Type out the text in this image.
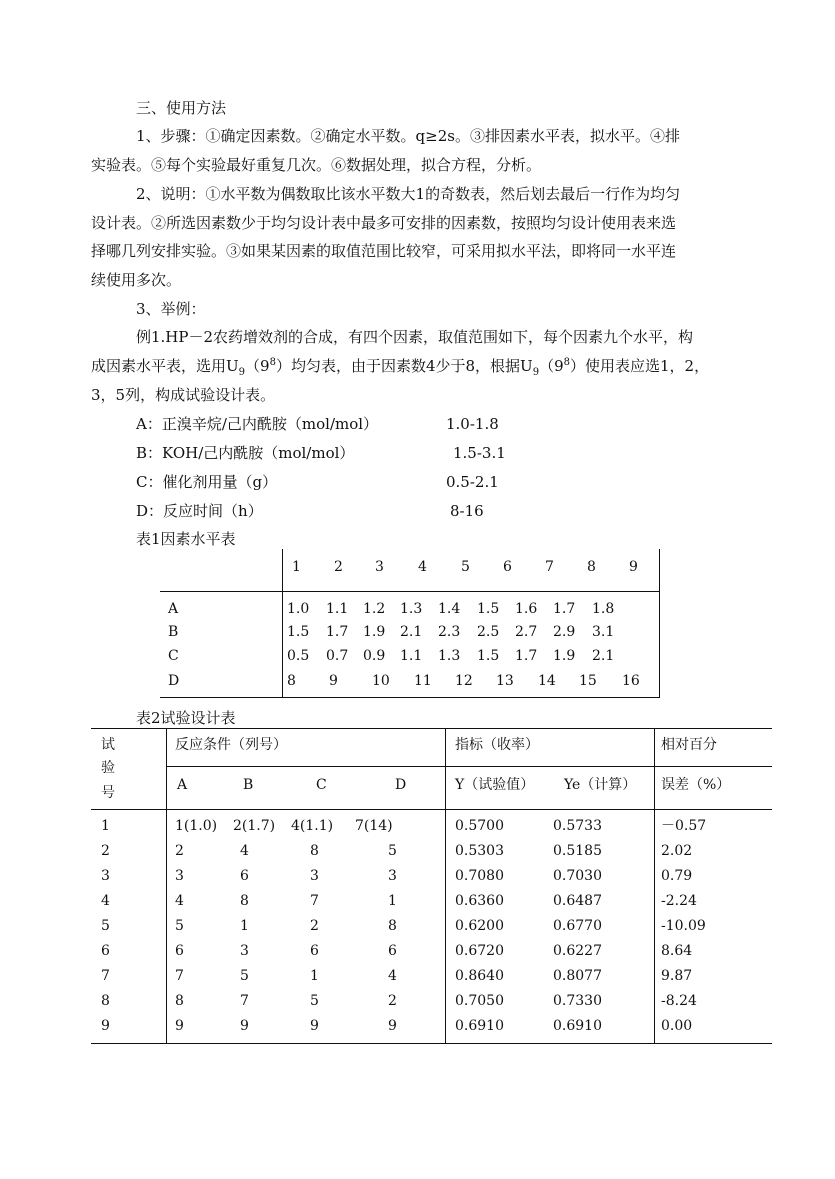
三、使用方法
1、步骤：①确定因素数。②确定水平数。q≥2s。③排因素水平表，拟水平。④排
实验表。⑤每个实验最好重复几次。⑥数据处理，拟合方程，分析。
2、说明：①水平数为偶数取比该水平数大1的奇数表，然后划去最后一行作为均匀
设计表。②所选因素数少于均匀设计表中最多可安排的因素数，按照均匀设计使用表来选
择哪几列安排实验。③如果某因素的取值范围比较窄，可采用拟水平法，即将同一水平连
续使用多次。
3、举例：
例1.HP－2农药增效剂的合成，有四个因素，取值范围如下，每个因素九个水平，构
成因素水平表，选用$U_9(9^8)$均匀表，由于因素数4少于8，根据$U_9(9^8)$使用表应选1，2，
3，5列，构成试验设计表。
A：正溴辛烷/己内酰胺（mol/mol）	1.0-1.8
B：KOH/己内酰胺（mol/mol）	1.5-3.1
C：催化剂用量（g）	0.5-2.1
D：反应时间（h）	8-16
表1因素水平表
1 2 3 4 5 6 7 8 9
A	1.0 1.1 1.2 1.3 1.4 1.5 1.6 1.7 1.8
B	1.5 1.7 1.9 2.1 2.3 2.5 2.7 2.9 3.1
C	0.5 0.7 0.9 1.1 1.3 1.5 1.7 1.9 2.1
D	8 9 10 11 12 13 14 15 16
表2试验设计表
试
验
号
反应条件（列号）	指标（收率）	相对百分
A	B	C	D	Y（试验值） Ye（计算） 误差（%）
1	1(1.0) 2(1.7) 4(1.1) 7(14)	0.5700	0.5733	－0.57
2	2	4	8	5	0.5303	0.5185	2.02
3	3	6	3	3	0.7080	0.7030	0.79
4	4	8	7	1	0.6360	0.6487	-2.24
5	5	1	2	8	0.6200	0.6770	-10.09
6	6	3	6	6	0.6720	0.6227	8.64
7	7	5	1	4	0.8640	0.8077	9.87
8	8	7	5	2	0.7050	0.7330	-8.24
9	9	9	9	9	0.6910	0.6910	0.00
